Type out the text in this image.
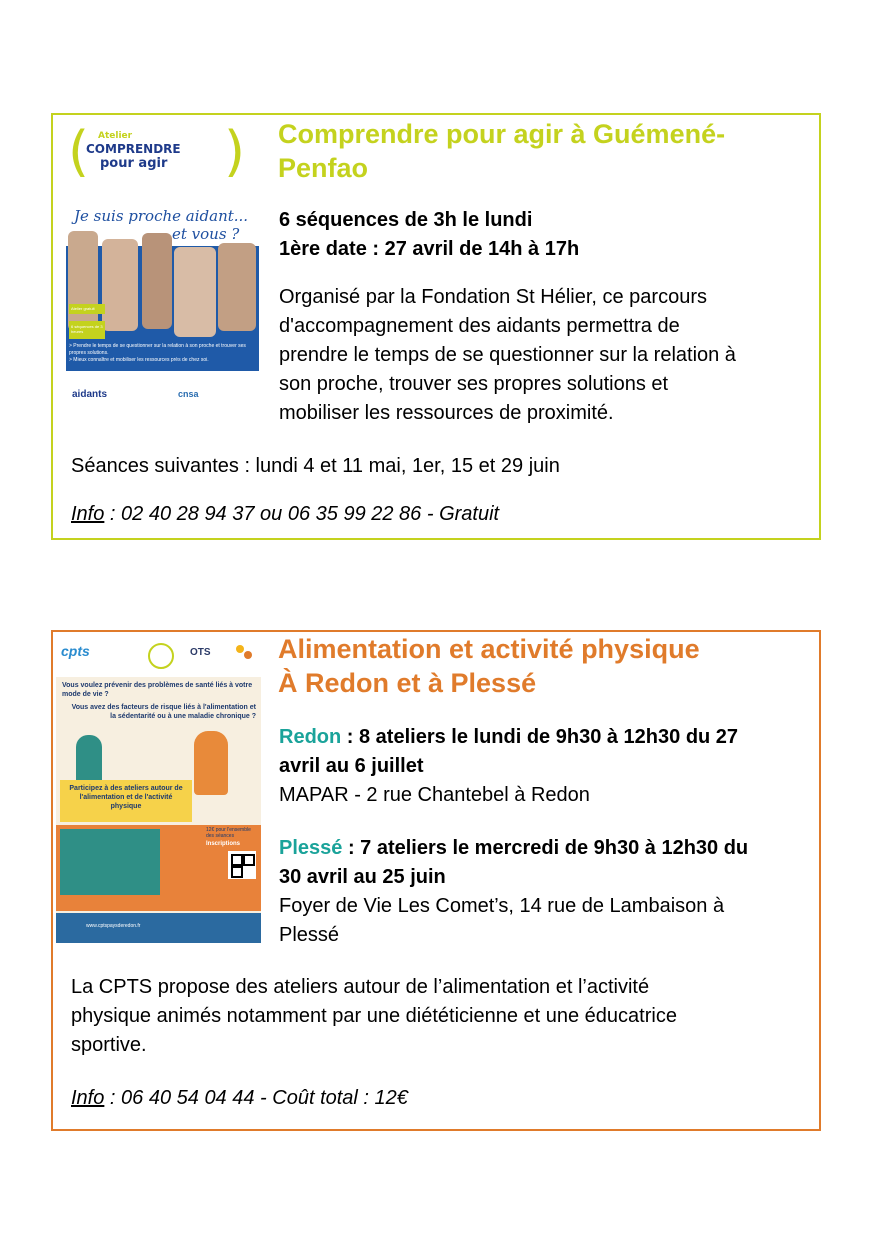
( )
Atelier
COMPRENDRE
pour agir
Je suis proche aidant...
et vous ?
Atelier gratuit
6 séquences de 3 heures
> Prendre le temps de se questionner sur la relation à son proche et trouver ses propres solutions.
> Mieux connaître et mobiliser les ressources près de chez soi.
aidants	cnsa

Comprendre pour agir à Guémené-
Penfao

6 séquences de 3h le lundi
1ère date : 27 avril de 14h à 17h

Organisé par la Fondation St Hélier, ce parcours
d'accompagnement des aidants permettra de
prendre le temps de se questionner sur la relation à
son proche, trouver ses propres solutions et
mobiliser les ressources de proximité.

Séances suivantes : lundi 4 et 11 mai, 1er, 15 et 29 juin

Info : 02 40 28 94 37 ou 06 35 99 22 86 - Gratuit

cpts	OTS
Vous voulez prévenir des problèmes de santé liés à votre mode de vie ?
Vous avez des facteurs de risque liés à l'alimentation et la sédentarité ou à une maladie chronique ?
Participez à des ateliers autour de l'alimentation et de l'activité physique
12€ pour l'ensemble des séances
Inscriptions
www.cptspaysderedon.fr

Alimentation et activité physique
À Redon et à Plessé

Redon : 8 ateliers le lundi de 9h30 à 12h30 du 27
avril au 6 juillet
MAPAR - 2 rue Chantebel à Redon

Plessé : 7 ateliers le mercredi de 9h30 à 12h30 du
30 avril au 25 juin
Foyer de Vie Les Comet’s, 14 rue de Lambaison à
Plessé

La CPTS propose des ateliers autour de l’alimentation et l’activité
physique animés notamment par une diététicienne et une éducatrice
sportive.

Info : 06 40 54 04 44 - Coût total : 12€
